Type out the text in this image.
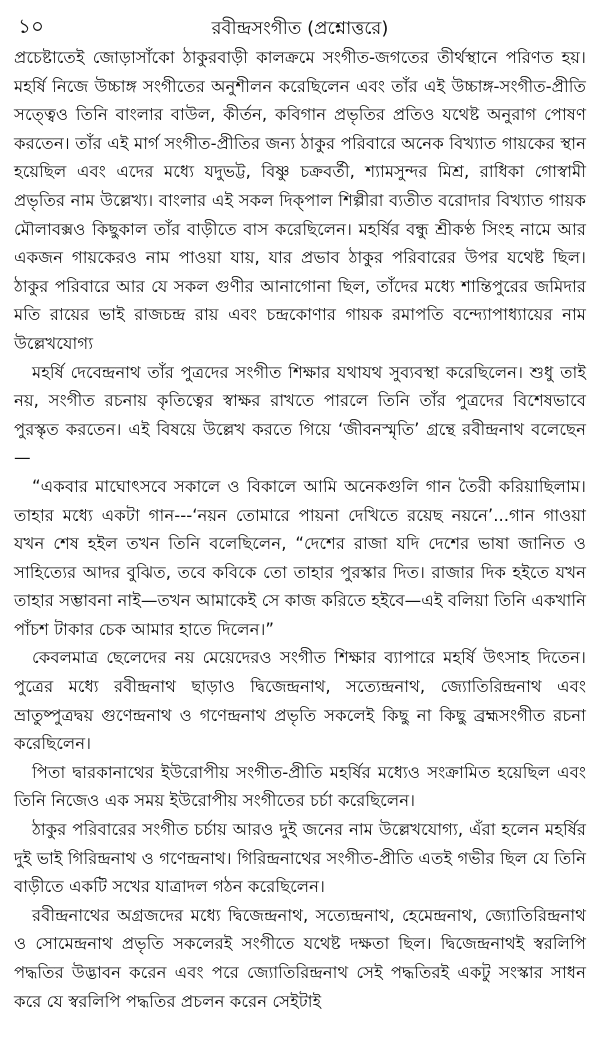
১০	রবীন্দ্রসংগীত (প্রশ্নোত্তরে)

প্রচেষ্টাতেই জোড়াসাঁকো ঠাকুরবাড়ী কালক্রমে সংগীত-জগতের তীর্থস্থানে পরিণত হয়। মহর্ষি নিজে উচ্চাঙ্গ সংগীতের অনুশীলন করেছিলেন এবং তাঁর এই উচ্চাঙ্গ-সংগীত-প্রীতি সত্ত্বেও তিনি বাংলার বাউল, কীর্তন, কবিগান প্রভৃতির প্রতিও যথেষ্ট অনুরাগ পোষণ করতেন। তাঁর এই মার্গ সংগীত-প্রীতির জন্য ঠাকুর পরিবারে অনেক বিখ্যাত গায়কের স্থান হয়েছিল এবং এদের মধ্যে যদুভট্ট, বিষ্ণু চক্রবর্তী, শ্যামসুন্দর মিশ্র, রাধিকা গোস্বামী প্রভৃতির নাম উল্লেখ্য। বাংলার এই সকল দিক্‌পাল শিল্পীরা ব্যতীত বরোদার বিখ্যাত গায়ক মৌলাবক্সও কিছুকাল তাঁর বাড়ীতে বাস করেছিলেন। মহর্ষির বন্ধু শ্রীকণ্ঠ সিংহ নামে আর একজন গায়কেরও নাম পাওয়া যায়, যার প্রভাব ঠাকুর পরিবারের উপর যথেষ্ট ছিল। ঠাকুর পরিবারে আর যে সকল গুণীর আনাগোনা ছিল, তাঁদের মধ্যে শান্তিপুরের জমিদার মতি রায়ের ভাই রাজচন্দ্র রায় এবং চন্দ্রকোণার গায়ক রমাপতি বন্দ্যোপাধ্যায়ের নাম উল্লেখযোগ্য

মহর্ষি দেবেন্দ্রনাথ তাঁর পুত্রদের সংগীত শিক্ষার যথাযথ সুব্যবস্থা করেছিলেন। শুধু তাই নয়, সংগীত রচনায় কৃতিত্বের স্বাক্ষর রাখতে পারলে তিনি তাঁর পুত্রদের বিশেষভাবে পুরস্কৃত করতেন। এই বিষয়ে উল্লেখ করতে গিয়ে ‘জীবনস্মৃতি’ গ্রন্থে রবীন্দ্রনাথ বলেছেন—

“একবার মাঘোৎসবে সকালে ও বিকালে আমি অনেকগুলি গান তৈরী করিয়াছিলাম। তাহার মধ্যে একটা গান---‘নয়ন তোমারে পায়না দেখিতে রয়েছ নয়নে’...গান গাওয়া যখন শেষ হইল তখন তিনি বলেছিলেন, “দেশের রাজা যদি দেশের ভাষা জানিত ও সাহিত্যের আদর বুঝিত, তবে কবিকে তো তাহার পুরস্কার দিত। রাজার দিক হইতে যখন তাহার সম্ভাবনা নাই—তখন আমাকেই সে কাজ করিতে হইবে—এই বলিয়া তিনি একখানি পাঁচশ টাকার চেক আমার হাতে দিলেন।”

কেবলমাত্র ছেলেদের নয় মেয়েদেরও সংগীত শিক্ষার ব্যাপারে মহর্ষি উৎসাহ দিতেন। পুত্রের মধ্যে রবীন্দ্রনাথ ছাড়াও দ্বিজেন্দ্রনাথ, সত্যেন্দ্রনাথ, জ্যোতিরিন্দ্রনাথ এবং ভ্রাতুষ্পুত্রদ্বয় গুণেন্দ্রনাথ ও গণেন্দ্রনাথ প্রভৃতি সকলেই কিছু না কিছু ব্রহ্মসংগীত রচনা করেছিলেন।

পিতা দ্বারকানাথের ইউরোপীয় সংগীত-প্রীতি মহর্ষির মধ্যেও সংক্রামিত হয়েছিল এবং তিনি নিজেও এক সময় ইউরোপীয় সংগীতের চর্চা করেছিলেন।

ঠাকুর পরিবারের সংগীত চর্চায় আরও দুই জনের নাম উল্লেখযোগ্য, এঁরা হলেন মহর্ষির দুই ভাই গিরিন্দ্রনাথ ও গণেন্দ্রনাথ। গিরিন্দ্রনাথের সংগীত-প্রীতি এতই গভীর ছিল যে তিনি বাড়ীতে একটি সখের যাত্রাদল গঠন করেছিলেন।

রবীন্দ্রনাথের অগ্রজদের মধ্যে দ্বিজেন্দ্রনাথ, সত্যেন্দ্রনাথ, হেমেন্দ্রনাথ, জ্যোতিরিন্দ্রনাথ ও সোমেন্দ্রনাথ প্রভৃতি সকলেরই সংগীতে যথেষ্ট দক্ষতা ছিল। দ্বিজেন্দ্রনাথই স্বরলিপি পদ্ধতির উদ্ভাবন করেন এবং পরে জ্যোতিরিন্দ্রনাথ সেই পদ্ধতিরই একটু সংস্কার সাধন করে যে স্বরলিপি পদ্ধতির প্রচলন করেন সেইটাই
